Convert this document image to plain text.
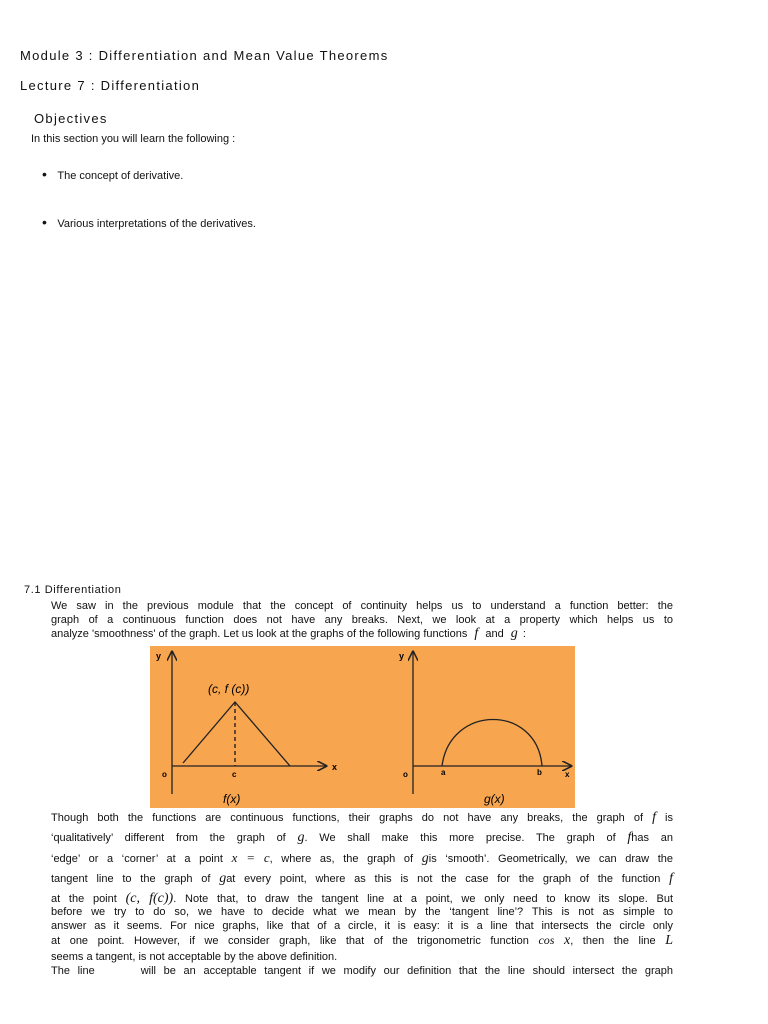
Module 3 : Differentiation and Mean Value Theorems
Lecture 7 : Differentiation
Objectives
In this section you will learn the following :
• The concept of derivative.
• Various interpretations of the derivatives.
7.1 Differentiation
We saw in the previous module that the concept of continuity helps us to understand a function better: the
graph of a continuous function does not have any breaks. Next, we look at a property which helps us to
analyze 'smoothness' of the graph. Let us look at the graphs of the following functions f and g :
y
x
o	c
(c, f (c))
f(x)
y
x
o	a	b
g(x)
Though both the functions are continuous functions, their graphs do not have any breaks, the graph of f is
‘qualitatively’ different from the graph of g. We shall make this more precise. The graph of fhas an
‘edge’ or a ‘corner’ at a point x = c, where as, the graph of gis ‘smooth’. Geometrically, we can draw the
tangent line to the graph of gat every point, where as this is not the case for the graph of the function f
at the point (c, f(c)). Note that, to draw the tangent line at a point, we only need to know its slope. But
before we try to do so, we have to decide what we mean by the ‘tangent line’? This is not as simple to
answer as it seems. For nice graphs, like that of a circle, it is easy: it is a line that intersects the circle only
at one point. However, if we consider graph, like that of the trigonometric function cos x, then the line L
seems a tangent, is not acceptable by the above definition.
The line	will be an acceptable tangent if we modify our definition that the line should intersect the graph
